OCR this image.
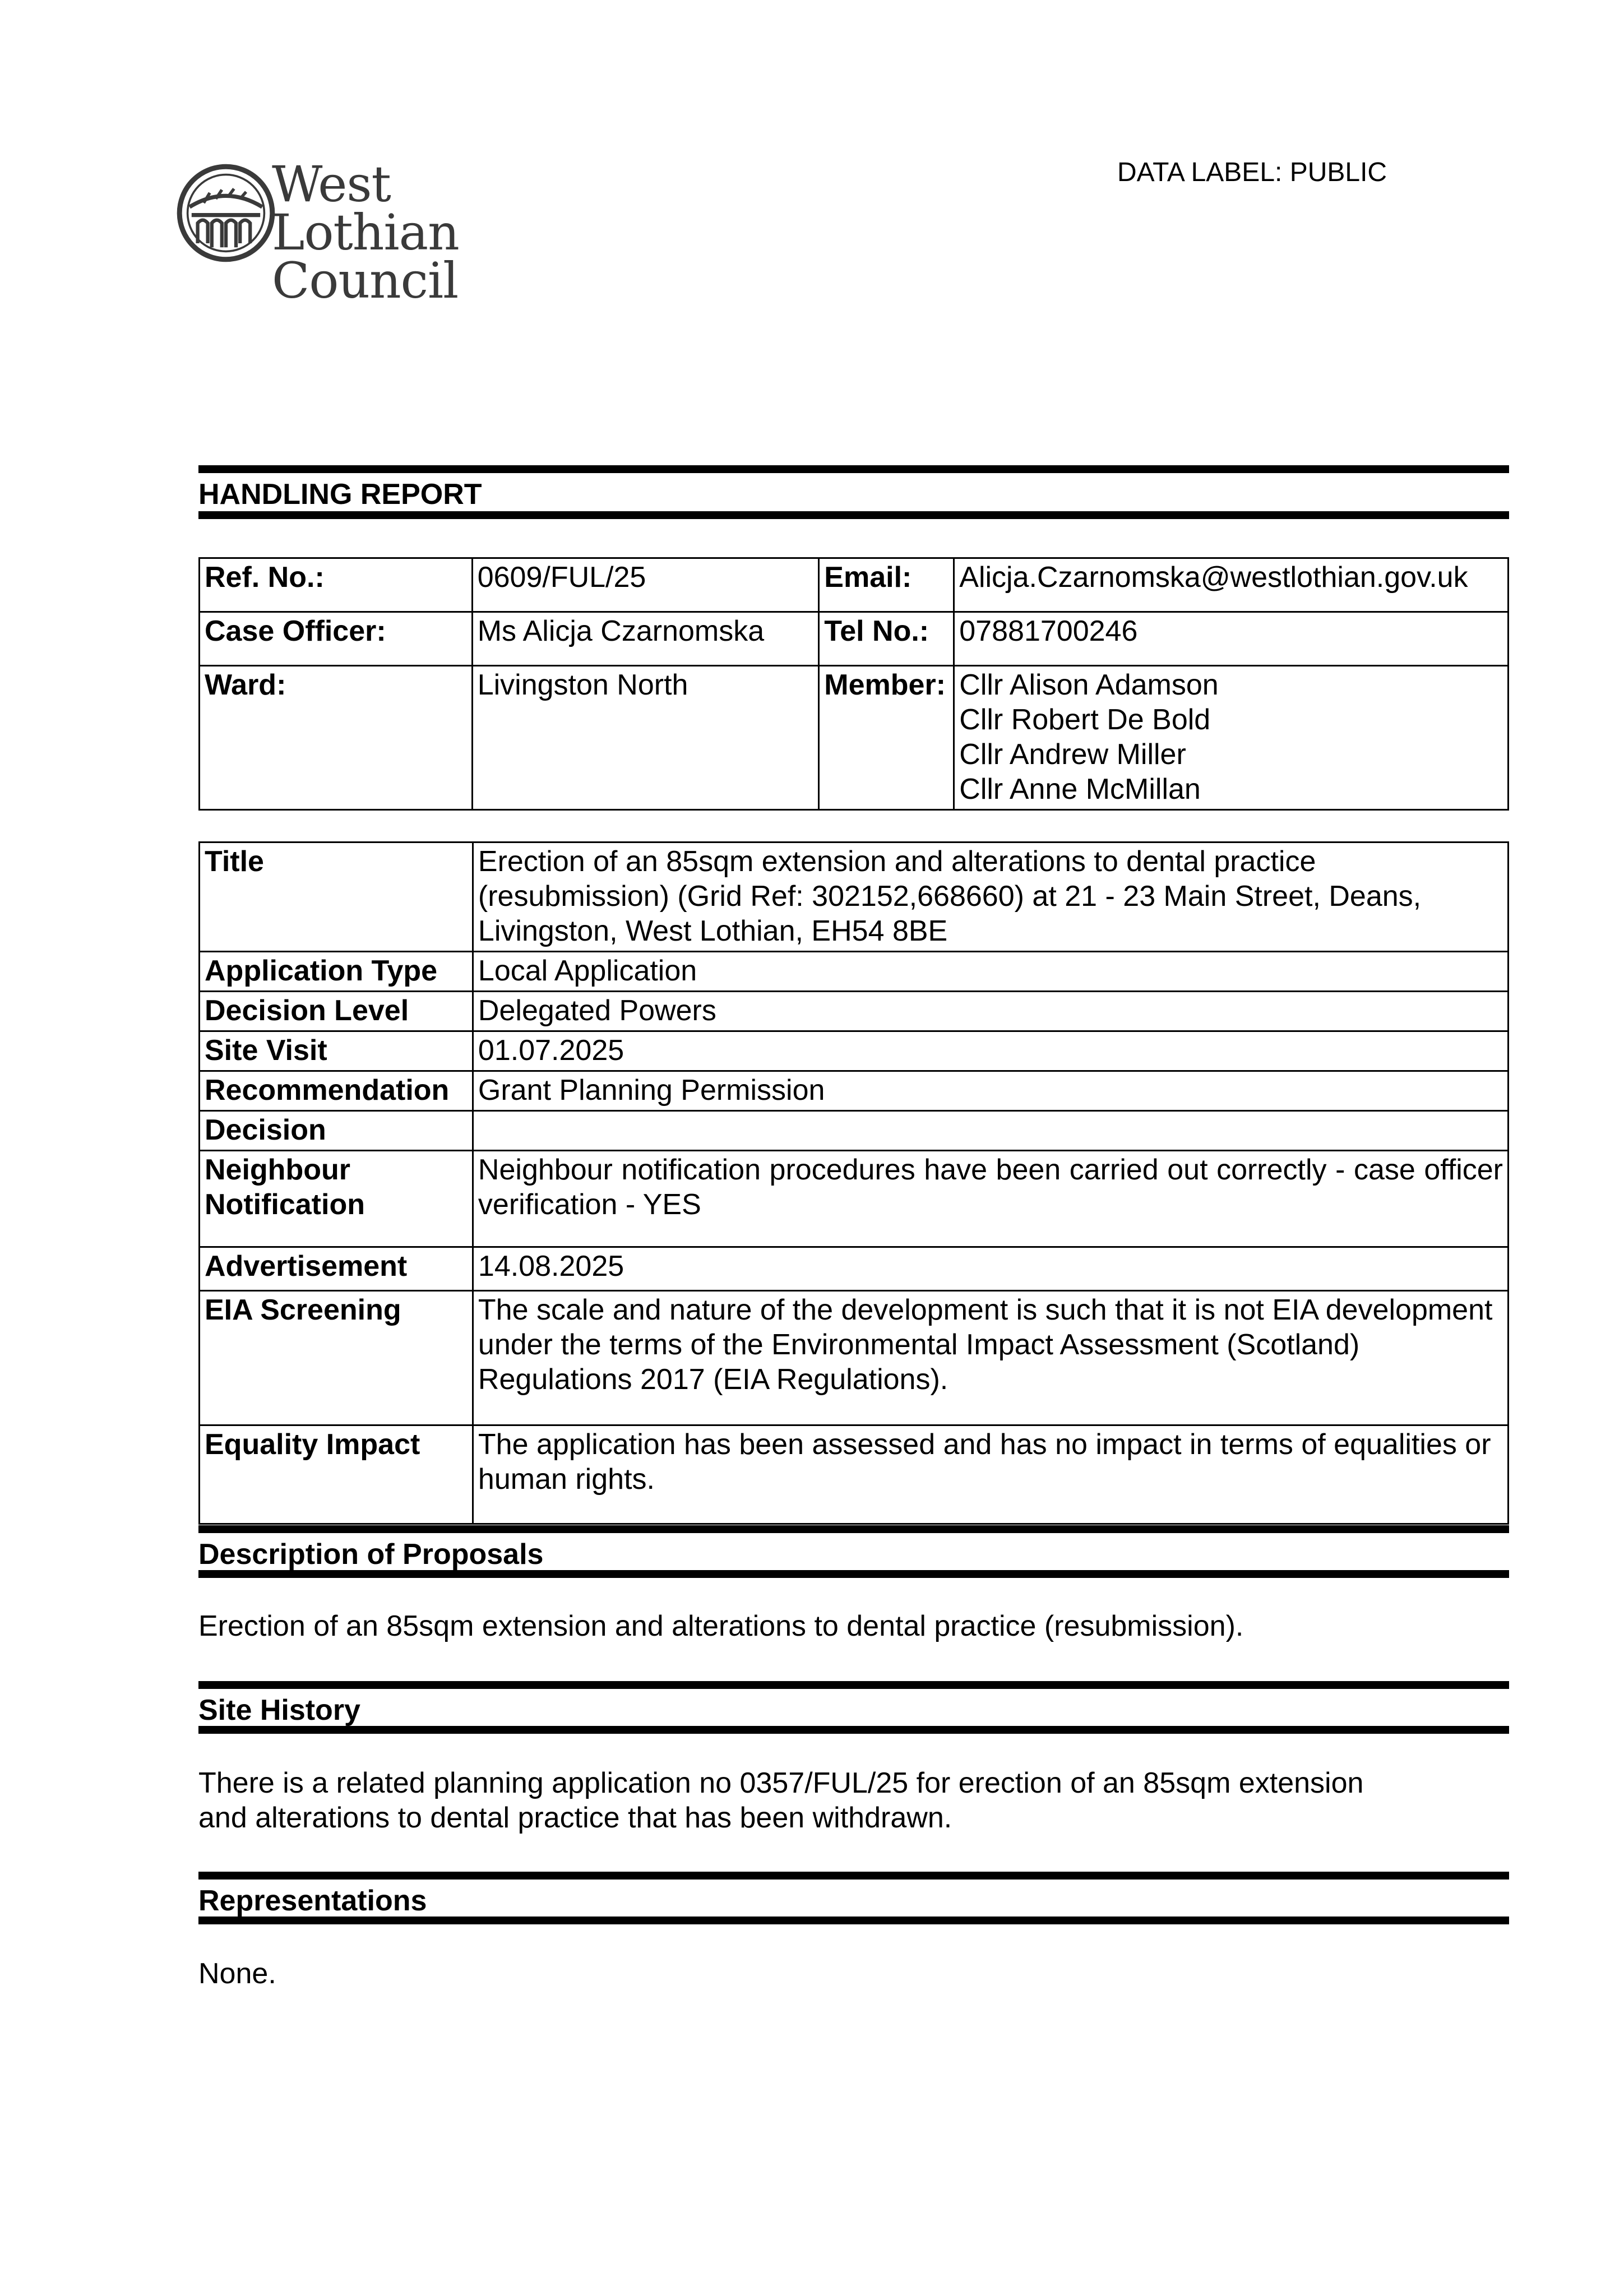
West Lothian
Council
DATA LABEL: PUBLIC
HANDLING REPORT
Ref. No.:	0609/FUL/25	Email:	Alicja.Czarnomska@westlothian.gov.uk
Case Officer:	Ms Alicja Czarnomska	Tel No.:	07881700246
Ward:	Livingston North	Member:	Cllr Alison Adamson
Cllr Robert De Bold
Cllr Andrew Miller
Cllr Anne McMillan
Title	Erection of an 85sqm extension and alterations to dental practice (resubmission) (Grid Ref: 302152,668660) at 21 - 23 Main Street, Deans, Livingston, West Lothian, EH54 8BE
Application Type	Local Application
Decision Level	Delegated Powers
Site Visit	01.07.2025
Recommendation	Grant Planning Permission
Decision	
Neighbour Notification	Neighbour notification procedures have been carried out correctly - case officer verification - YES
Advertisement	14.08.2025
EIA Screening	The scale and nature of the development is such that it is not EIA development under the terms of the Environmental Impact Assessment (Scotland) Regulations 2017 (EIA Regulations).
Equality Impact	The application has been assessed and has no impact in terms of equalities or human rights.
Description of Proposals
Erection of an 85sqm extension and alterations to dental practice (resubmission).
Site History
There is a related planning application no 0357/FUL/25 for erection of an 85sqm extension
and alterations to dental practice that has been withdrawn.
Representations
None.
